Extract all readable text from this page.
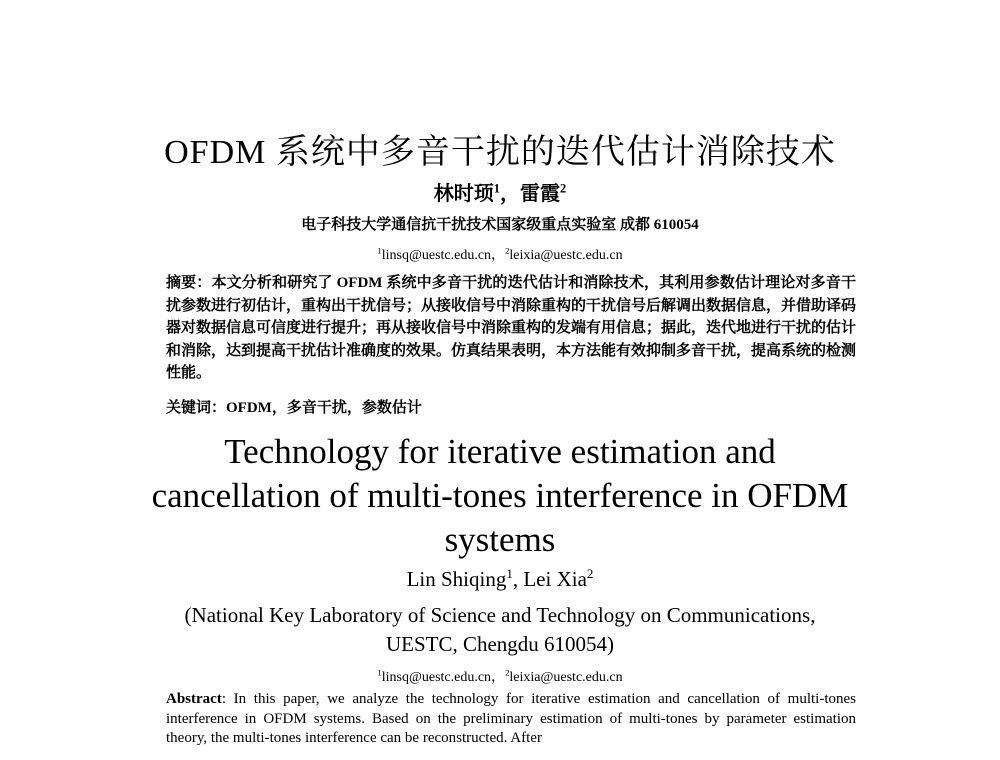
OFDM 系统中多音干扰的迭代估计消除技术
林时顼$^1$，雷霞$^2$
电子科技大学通信抗干扰技术国家级重点实验室 成都 610054
$^1$linsq@uestc.edu.cn，$^2$leixia@uestc.edu.cn
摘要：本文分析和研究了 OFDM 系统中多音干扰的迭代估计和消除技术，其利用参数估计理论对多音干扰参数进行初估计，重构出干扰信号；从接收信号中消除重构的干扰信号后解调出数据信息，并借助译码器对数据信息可信度进行提升；再从接收信号中消除重构的发端有用信息；据此，迭代地进行干扰的估计和消除，达到提高干扰估计准确度的效果。仿真结果表明，本方法能有效抑制多音干扰，提高系统的检测性能。
关键词：OFDM，多音干扰，参数估计
Technology for iterative estimation and
cancellation of multi-tones interference in OFDM
systems
Lin Shiqing$^1$, Lei Xia$^2$
(National Key Laboratory of Science and Technology on Communications,
UESTC, Chengdu 610054)
$^1$linsq@uestc.edu.cn，$^2$leixia@uestc.edu.cn
Abstract: In this paper, we analyze the technology for iterative estimation and cancellation of multi-tones interference in OFDM systems. Based on the preliminary estimation of multi-tones by parameter estimation theory, the multi-tones interference can be reconstructed. After
